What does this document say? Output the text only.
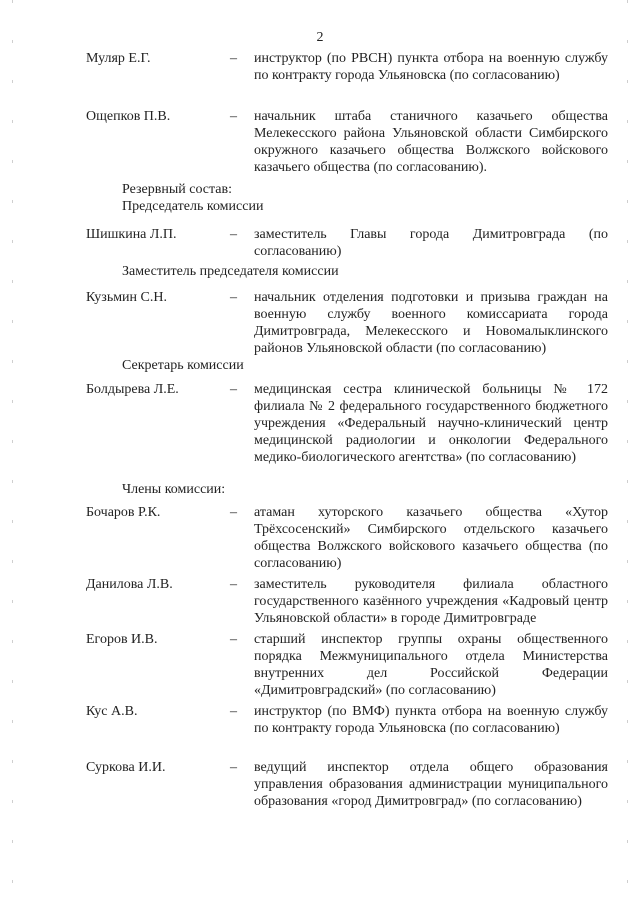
2
Муляр Е.Г.	– инструктор (по РВСН) пункта отбора на военную службу по контракту города Ульяновска (по согласованию)
Ощепков П.В.	– начальник штаба станичного казачьего общества Мелекесского района Ульяновской области Симбирского окружного казачьего общества Волжского войскового казачьего общества (по согласованию).
Резервный состав:
Председатель комиссии
Шишкина Л.П.	– заместитель Главы города Димитровграда (по согласованию)
Заместитель председателя комиссии
Кузьмин С.Н.	– начальник отделения подготовки и призыва граждан на военную службу военного комиссариата города Димитровграда, Мелекесского и Новомалыклинского районов Ульяновской области (по согласованию)
Секретарь комиссии
Болдырева Л.Е.	– медицинская сестра клинической больницы № 172 филиала № 2 федерального государственного бюджетного учреждения «Федеральный научно-клинический центр медицинской радиологии и онкологии Федерального медико-биологического агентства» (по согласованию)
Члены комиссии:
Бочаров Р.К.	– атаман хуторского казачьего общества «Хутор Трёхсосенский» Симбирского отдельского казачьего общества Волжского войскового казачьего общества (по согласованию)
Данилова Л.В.	– заместитель руководителя филиала областного государственного казённого учреждения «Кадровый центр Ульяновской области» в городе Димитровграде
Егоров И.В.	– старший инспектор группы охраны общественного порядка Межмуниципального отдела Министерства внутренних дел Российской Федерации «Димитровградский» (по согласованию)
Кус А.В.	– инструктор (по ВМФ) пункта отбора на военную службу по контракту города Ульяновска (по согласованию)
Суркова И.И.	– ведущий инспектор отдела общего образования управления образования администрации муниципального образования «город Димитровград» (по согласованию)
